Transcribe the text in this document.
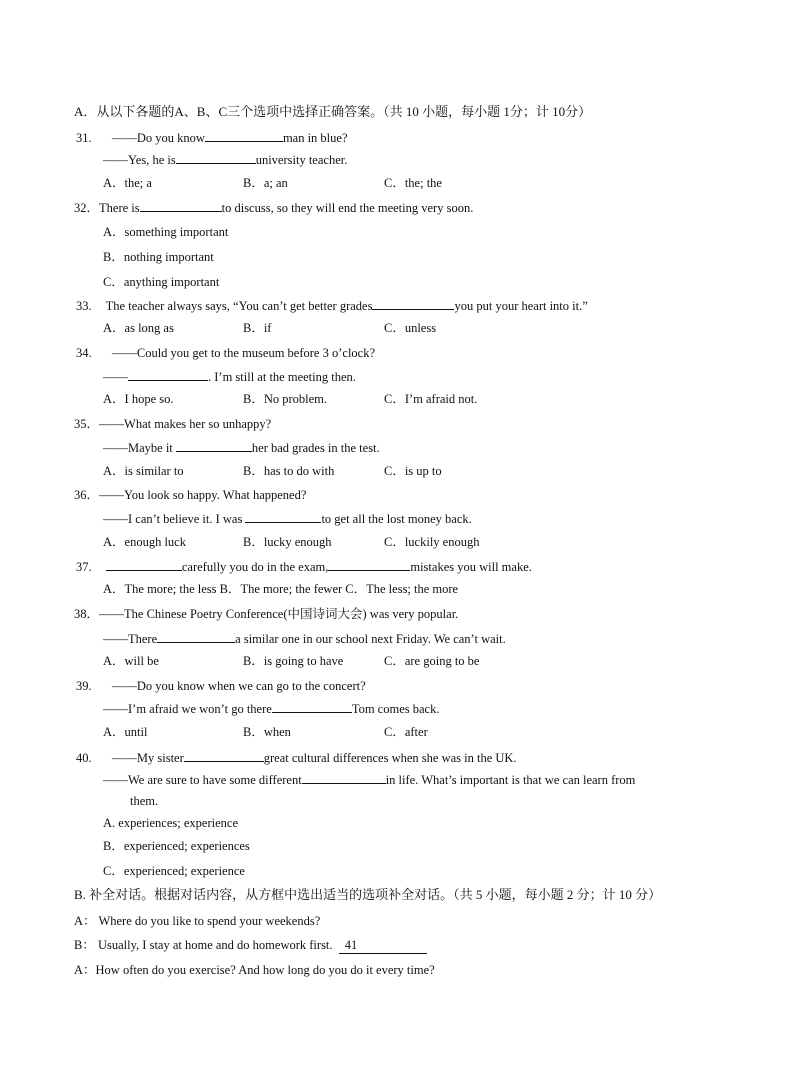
A．从以下各题的A、B、C三个选项中选择正确答案。（共 10 小题，每小题 1分；计 10分）
31. ——Do you know	man in blue?
——Yes, he is	university teacher.
A．the; a	B．a; an	C．the; the
32．There is	to discuss, so they will end the meeting very soon.
A．something important
B．nothing important
C．anything important
33. The teacher always says, “You can’t get better grades	you put your heart into it.”
A．as long as	B．if	C．unless
34. ——Could you get to the museum before 3 o’clock?
——	. I’m still at the meeting then.
A．I hope so.	B．No problem.	C．I’m afraid not.
35．——What makes her so unhappy?
——Maybe it	her bad grades in the test.
A．is similar to	B．has to do with	C．is up to
36．——You look so happy. What happened?
——I can’t believe it. I was	to get all the lost money back.
A．enough luck	B．lucky enough	C．luckily enough
37.	carefully you do in the exam,	mistakes you will make.
A．The more; the less B．The more; the fewer C．The less; the more
38．——The Chinese Poetry Conference(中国诗词大会) was very popular.
——There	a similar one in our school next Friday. We can’t wait.
A．will be	B．is going to have	C．are going to be
39. ——Do you know when we can go to the concert?
——I’m afraid we won’t go there	Tom comes back.
A．until	B．when	C．after
40. ——My sister	great cultural differences when she was in the UK.
——We are sure to have some different	in life. What’s important is that we can learn from
them.
A. experiences; experience
B．experienced; experiences
C．experienced; experience
B. 补全对话。根据对话内容，从方框中选出适当的选项补全对话。（共 5 小题，每小题 2 分；计 10 分）
A： Where do you like to spend your weekends?
B： Usually, I stay at home and do homework first. 41
A：How often do you exercise? And how long do you do it every time?
